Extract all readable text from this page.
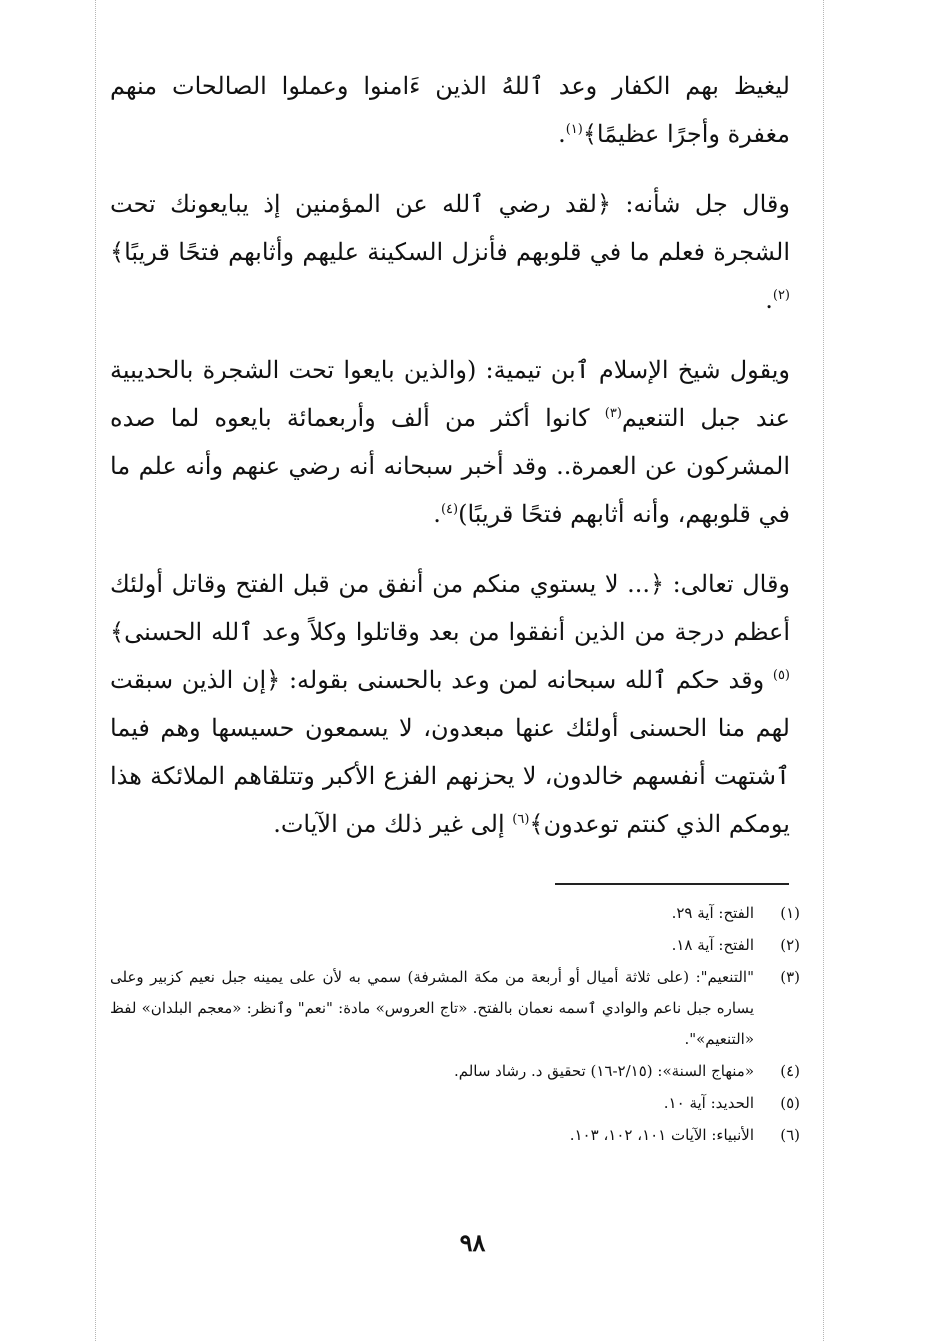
ليغيظ بهم الكفار وعد ٱللهُ الذين ءَامنوا وعملوا الصالحات منهم مغفرة وأجرًا عظيمًا﴾$^{(١)}$.

وقال جل شأنه: ﴿لقد رضي ٱلله عن المؤمنين إذ يبايعونك تحت الشجرة فعلم ما في قلوبهم فأنزل السكينة عليهم وأثابهم فتحًا قريبًا﴾$^{(٢)}$.

ويقول شيخ الإسلام ٱبن تيمية: (والذين بايعوا تحت الشجرة بالحديبية عند جبل التنعيم$^{(٣)}$ كانوا أكثر من ألف وأربعمائة بايعوه لما صده المشركون عن العمرة.. وقد أخبر سبحانه أنه رضي عنهم وأنه علم ما في قلوبهم، وأنه أثابهم فتحًا قريبًا)$^{(٤)}$.

وقال تعالى: ﴿... لا يستوي منكم من أنفق من قبل الفتح وقاتل أولئك أعظم درجة من الذين أنفقوا من بعد وقاتلوا وكلاً وعد ٱلله الحسنى﴾$^{(٥)}$ وقد حكم ٱلله سبحانه لمن وعد بالحسنى بقوله: ﴿إن الذين سبقت لهم منا الحسنى أولئك عنها مبعدون، لا يسمعون حسيسها وهم فيما ٱشتهت أنفسهم خالدون، لا يحزنهم الفزع الأكبر وتتلقاهم الملائكة هذا يومكم الذي كنتم توعدون﴾$^{(٦)}$ إلى غير ذلك من الآيات.

(١)
الفتح: آية ٢٩.
(٢)
الفتح: آية ١٨.
(٣)
"التنعيم": (على ثلاثة أميال أو أربعة من مكة المشرفة) سمي به لأن على يمينه جبل نعيم كزبير وعلى يساره جبل ناعم والوادي ٱسمه نعمان بالفتح. «تاج العروس» مادة: "نعم" وٱنظر: «معجم البلدان» لفظ «التنعيم»".
(٤)
«منهاج السنة»: (٢/١٥-١٦) تحقيق د. رشاد سالم.
(٥)
الحديد: آية ١٠.
(٦)
الأنبياء: الآيات ١٠١، ١٠٢، ١٠٣.
٩٨
